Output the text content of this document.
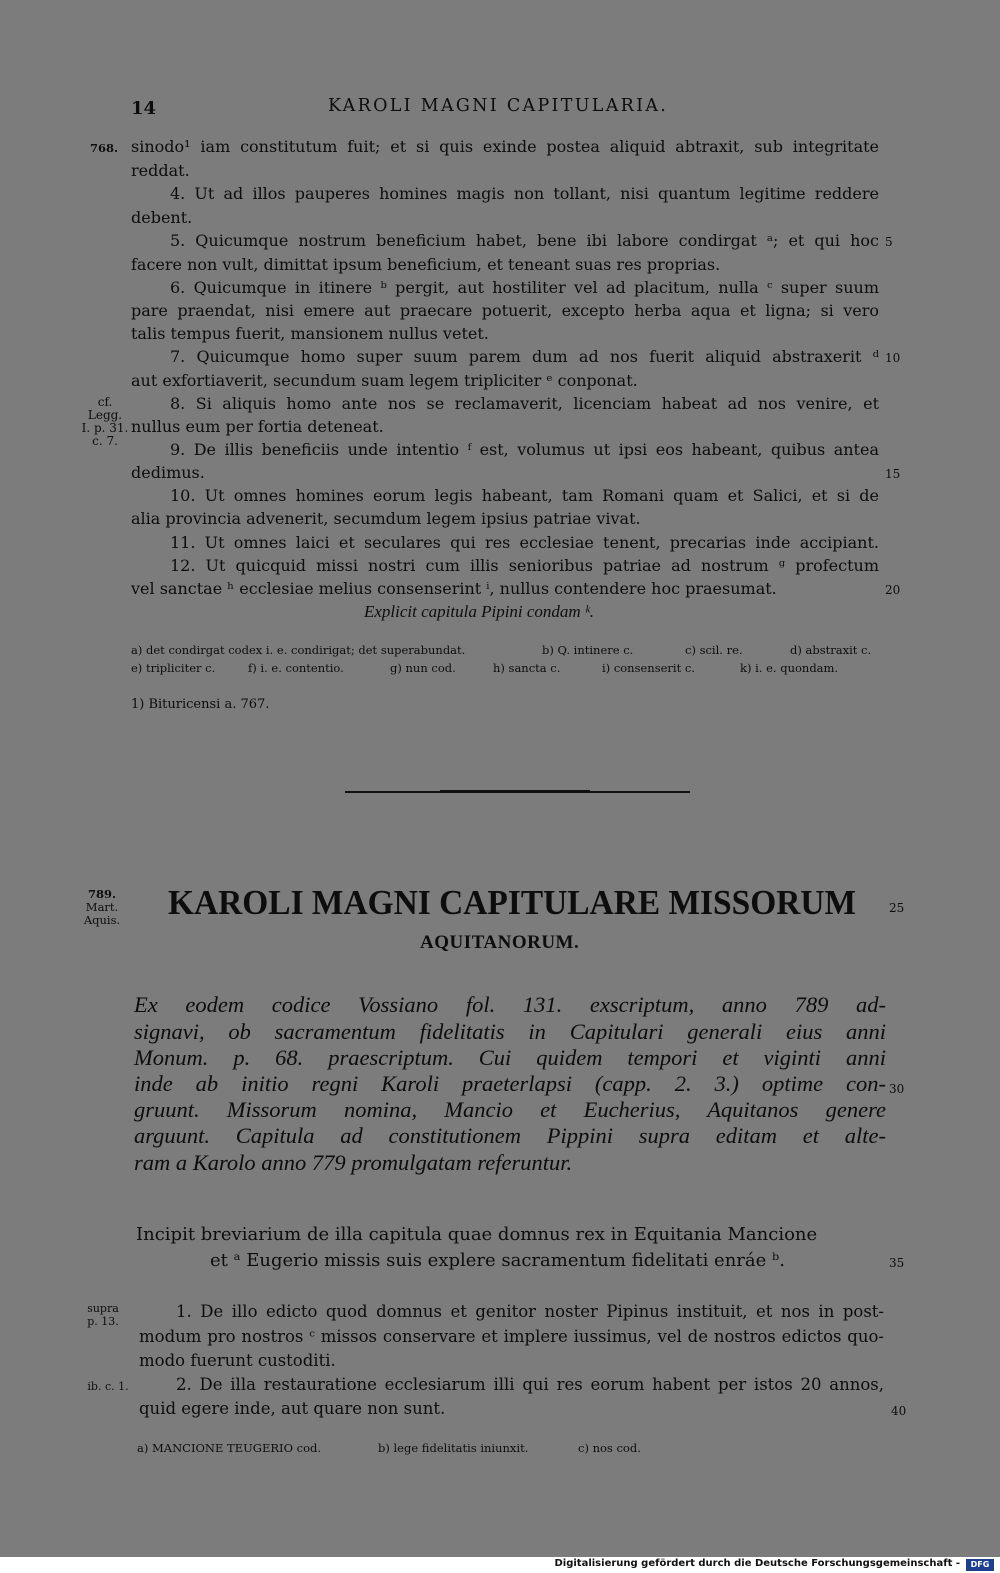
14	KAROLI MAGNI CAPITULARIA.
768. sinodo¹ iam constitutum fuit; et si quis exinde postea aliquid abtraxit, sub integritate
reddat.
4. Ut ad illos pauperes homines magis non tollant, nisi quantum legitime reddere
debent.
5. Quicumque nostrum beneficium habet, bene ibi labore condirgat ᵃ; et qui hoc
facere non vult, dimittat ipsum beneficium, et teneant suas res proprias.
6. Quicumque in itinere ᵇ pergit, aut hostiliter vel ad placitum, nulla ᶜ super suum
pare praendat, nisi emere aut praecare potuerit, excepto herba aqua et ligna; si vero
talis tempus fuerit, mansionem nullus vetet.
7. Quicumque homo super suum parem dum ad nos fuerit aliquid abstraxerit ᵈ
aut exfortiaverit, secundum suam legem tripliciter ᵉ conponat.
8. Si aliquis homo ante nos se reclamaverit, licenciam habeat ad nos venire, et
nullus eum per fortia deteneat.
9. De illis beneficiis unde intentio ᶠ est, volumus ut ipsi eos habeant, quibus antea
dedimus.
10. Ut omnes homines eorum legis habeant, tam Romani quam et Salici, et si de
alia provincia advenerit, secumdum legem ipsius patriae vivat.
11. Ut omnes laici et seculares qui res ecclesiae tenent, precarias inde accipiant.
12. Ut quicquid missi nostri cum illis senioribus patriae ad nostrum ᵍ profectum
vel sanctae ʰ ecclesiae melius consenserint ⁱ, nullus contendere hoc praesumat.
Explicit capitula Pipini condam ᵏ.
cf.
Legg.
I. p. 31.
c. 7.
5
10
15
20
a) det condirgat codex i. e. condirigat; det superabundat.	b) Q. intinere c.	c) scil. re.	d) abstraxit c.
e) tripliciter c.	f) i. e. contentio.	g) nun cod.	h) sancta c.	i) consenserit c.	k) i. e. quondam.
1) Bituricensi a. 767.
789.
Mart.
Aquis. KAROLI MAGNI CAPITULARE MISSORUM
AQUITANORUM.
25
Ex eodem codice Vossiano fol. 131. exscriptum, anno 789 ad-
signavi, ob sacramentum fidelitatis in Capitulari generali eius anni
Monum. p. 68. praescriptum. Cui quidem tempori et viginti anni
inde ab initio regni Karoli praeterlapsi (capp. 2. 3.) optime con-
gruunt. Missorum nomina, Mancio et Eucherius, Aquitanos genere
arguunt. Capitula ad constitutionem Pippini supra editam et alte-
ram a Karolo anno 779 promulgatam referuntur.
30
Incipit breviarium de illa capitula quae domnus rex in Equitania Mancione
et ᵃ Eugerio missis suis explere sacramentum fidelitati enráe ᵇ.	35
supra
p. 13.
ib. c. 1.
1. De illo edicto quod domnus et genitor noster Pipinus instituit, et nos in post-
modum pro nostros ᶜ missos conservare et implere iussimus, vel de nostros edictos quo-
modo fuerunt custoditi.
2. De illa restauratione ecclesiarum illi qui res eorum habent per istos 20 annos,
quid egere inde, aut quare non sunt.	40
a) MANCIONE TEUGERIO cod.	b) lege fidelitatis iniunxit.	c) nos cod.
Digitalisierung gefördert durch die Deutsche Forschungsgemeinschaft -	DFG
